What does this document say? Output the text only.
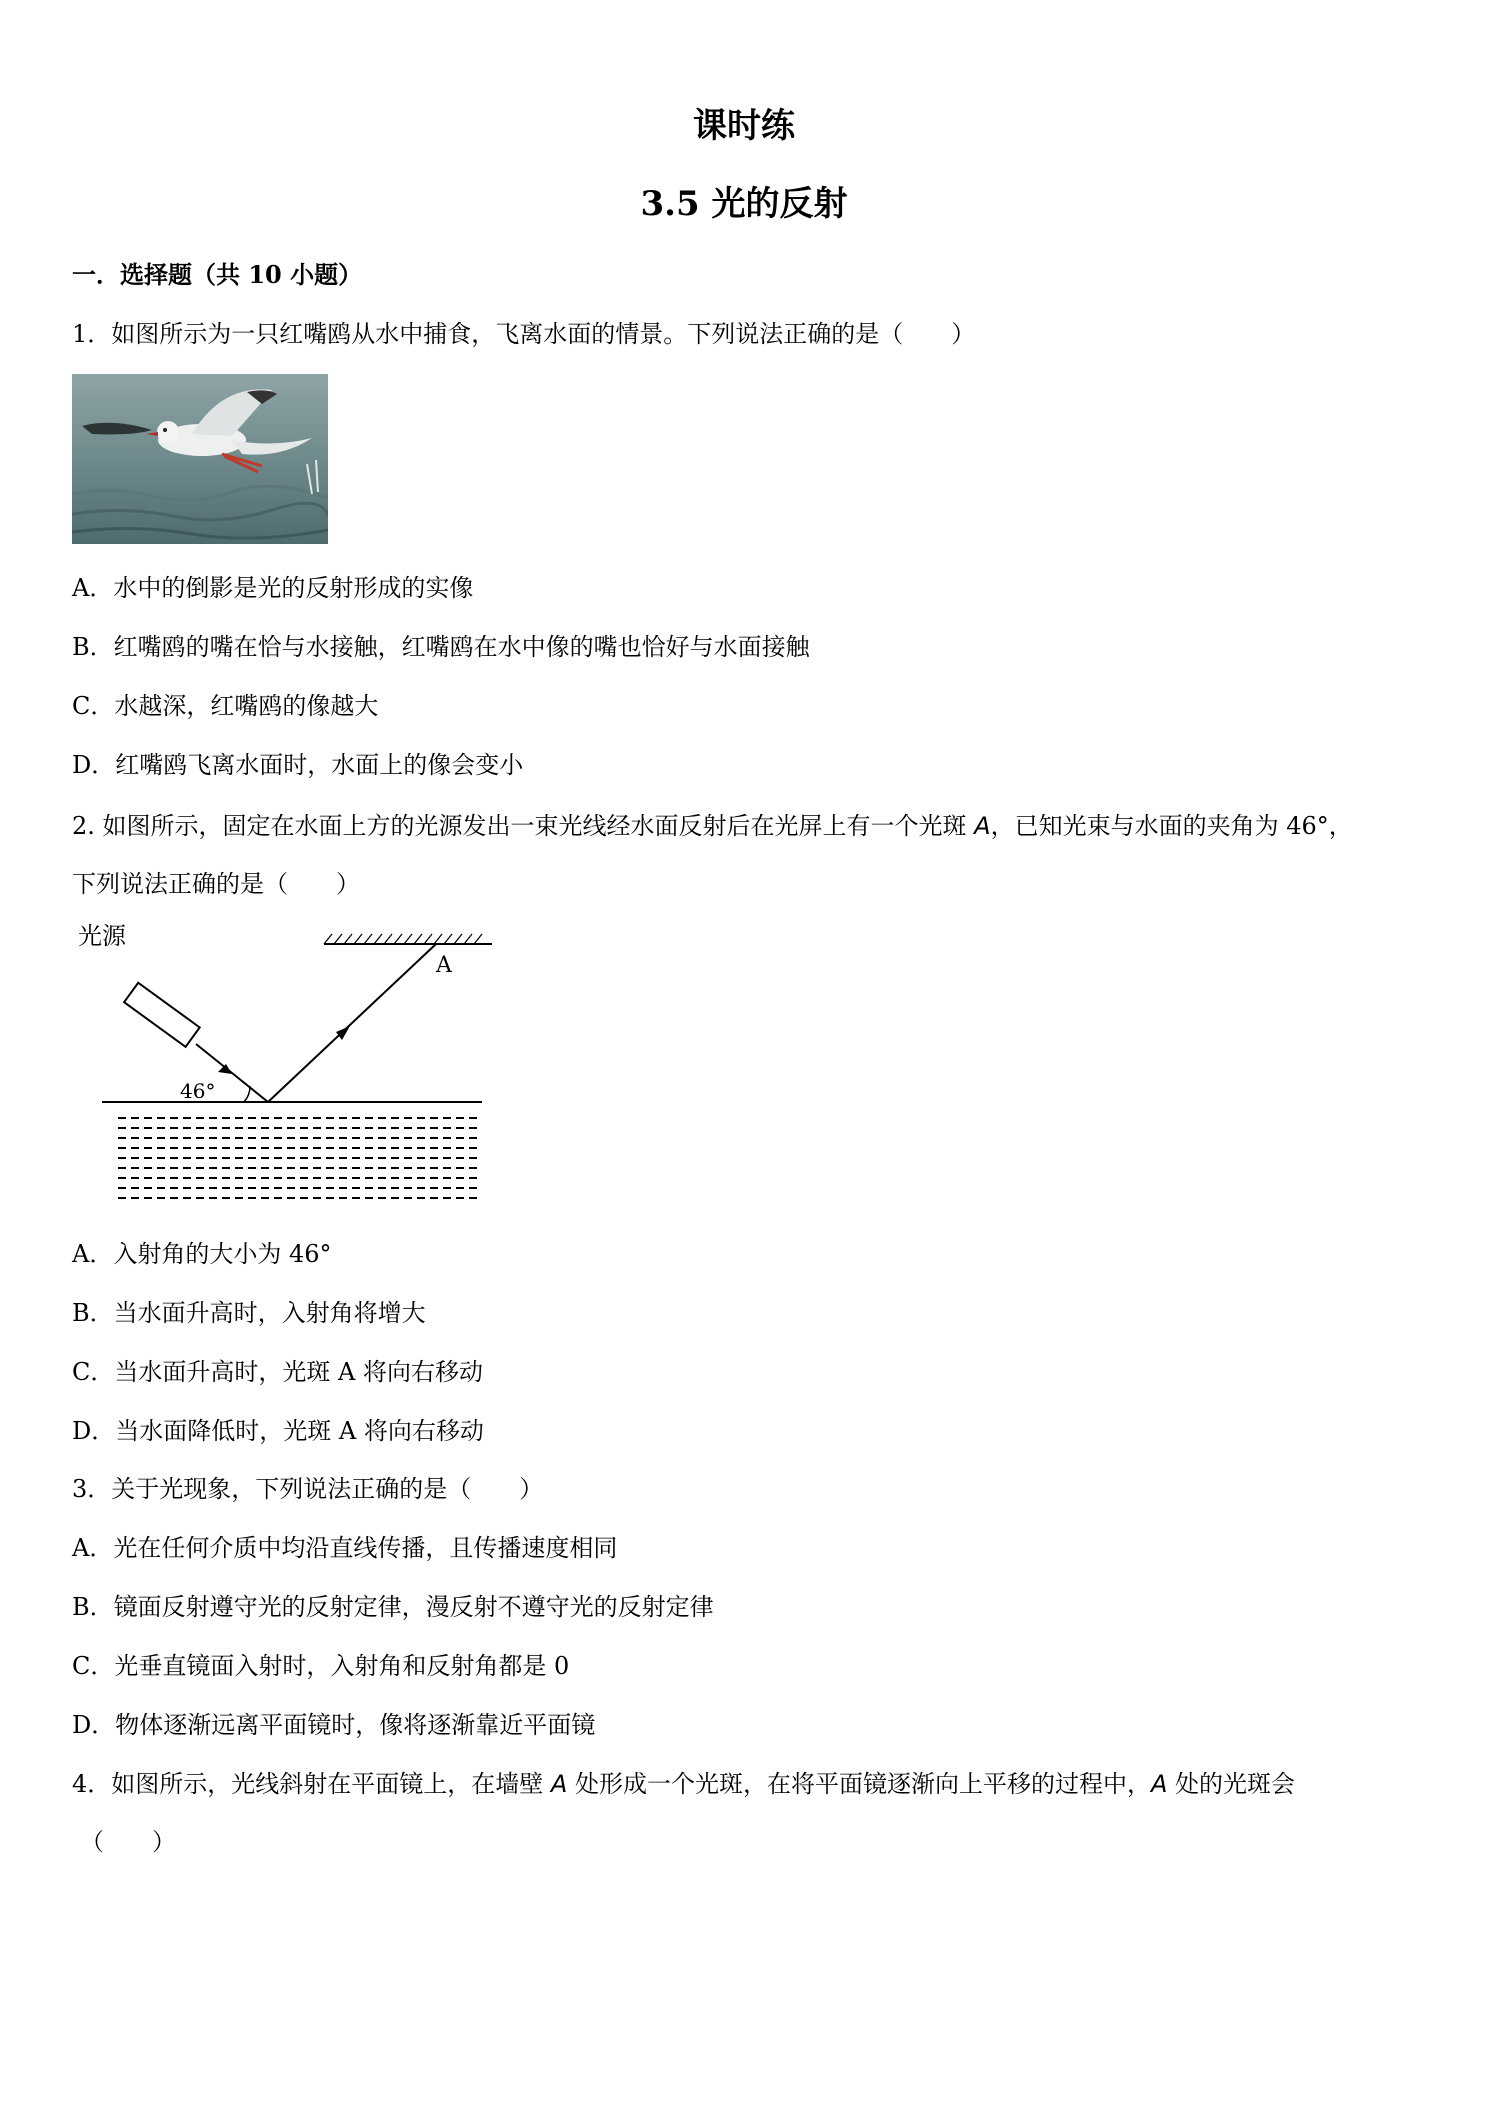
课时练
3.5 光的反射
一．选择题（共 10 小题）
1．如图所示为一只红嘴鸥从水中捕食，飞离水面的情景。下列说法正确的是（　　）
A．水中的倒影是光的反射形成的实像
B．红嘴鸥的嘴在恰与水接触，红嘴鸥在水中像的嘴也恰好与水面接触
C．水越深，红嘴鸥的像越大
D．红嘴鸥飞离水面时，水面上的像会变小
2. 如图所示，固定在水面上方的光源发出一束光线经水面反射后在光屏上有一个光斑 A，已知光束与水面的夹角为 46°，
下列说法正确的是（　　）
光源
A
46°
A．入射角的大小为 46°
B．当水面升高时，入射角将增大
C．当水面升高时，光斑 A 将向右移动
D．当水面降低时，光斑 A 将向右移动
3．关于光现象，下列说法正确的是（　　）
A．光在任何介质中均沿直线传播，且传播速度相同
B．镜面反射遵守光的反射定律，漫反射不遵守光的反射定律
C．光垂直镜面入射时，入射角和反射角都是 0
D．物体逐渐远离平面镜时，像将逐渐靠近平面镜
4．如图所示，光线斜射在平面镜上，在墙壁 A 处形成一个光斑，在将平面镜逐渐向上平移的过程中，A 处的光斑会
（　　）
